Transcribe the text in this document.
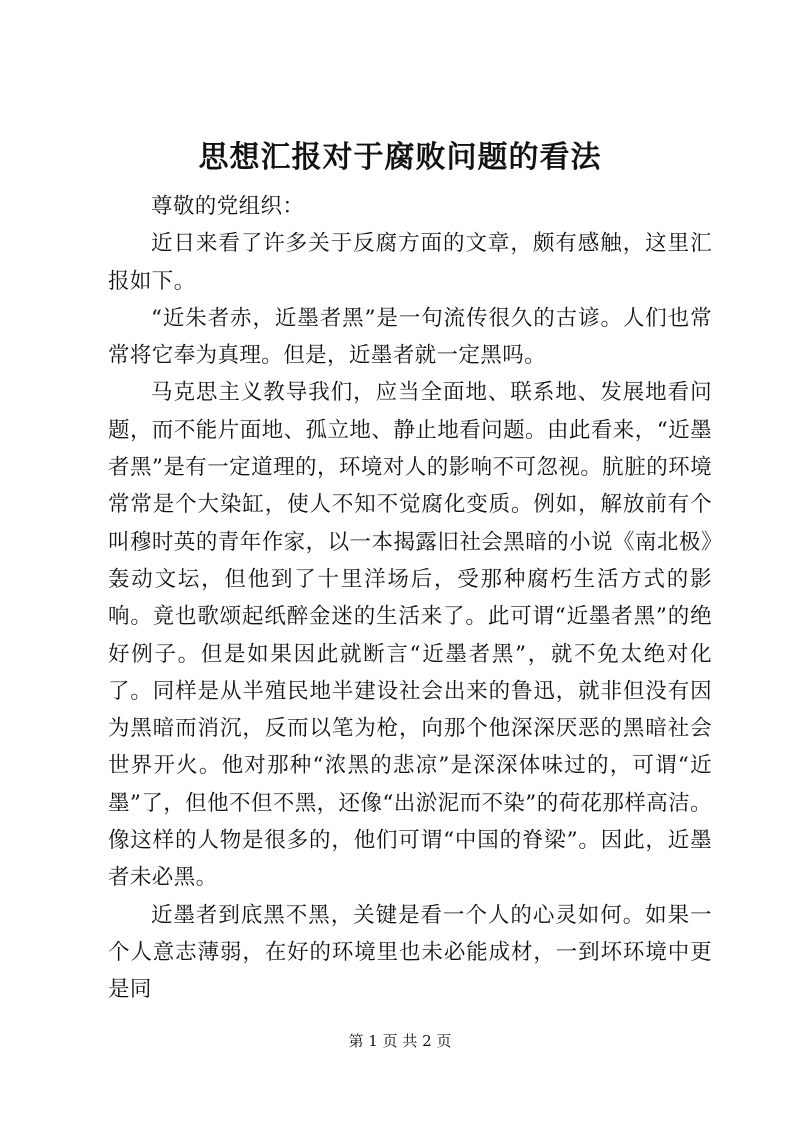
思想汇报对于腐败问题的看法

尊敬的党组织：

近日来看了许多关于反腐方面的文章，颇有感触，这里汇报如下。

“近朱者赤，近墨者黑”是一句流传很久的古谚。人们也常常将它奉为真理。但是，近墨者就一定黑吗。

马克思主义教导我们，应当全面地、联系地、发展地看问题，而不能片面地、孤立地、静止地看问题。由此看来，“近墨者黑”是有一定道理的，环境对人的影响不可忽视。肮脏的环境常常是个大染缸，使人不知不觉腐化变质。例如，解放前有个叫穆时英的青年作家，以一本揭露旧社会黑暗的小说《南北极》轰动文坛，但他到了十里洋场后，受那种腐朽生活方式的影响。竟也歌颂起纸醉金迷的生活来了。此可谓“近墨者黑”的绝好例子。但是如果因此就断言“近墨者黑”，就不免太绝对化了。同样是从半殖民地半建设社会出来的鲁迅，就非但没有因为黑暗而消沉，反而以笔为枪，向那个他深深厌恶的黑暗社会世界开火。他对那种“浓黑的悲凉”是深深体味过的，可谓“近墨”了，但他不但不黑，还像“出淤泥而不染”的荷花那样高洁。像这样的人物是很多的，他们可谓“中国的脊梁”。因此，近墨者未必黑。

近墨者到底黑不黑，关键是看一个人的心灵如何。如果一个人意志薄弱，在好的环境里也未必能成材，一到坏环境中更是同

第 1 页 共 2 页
